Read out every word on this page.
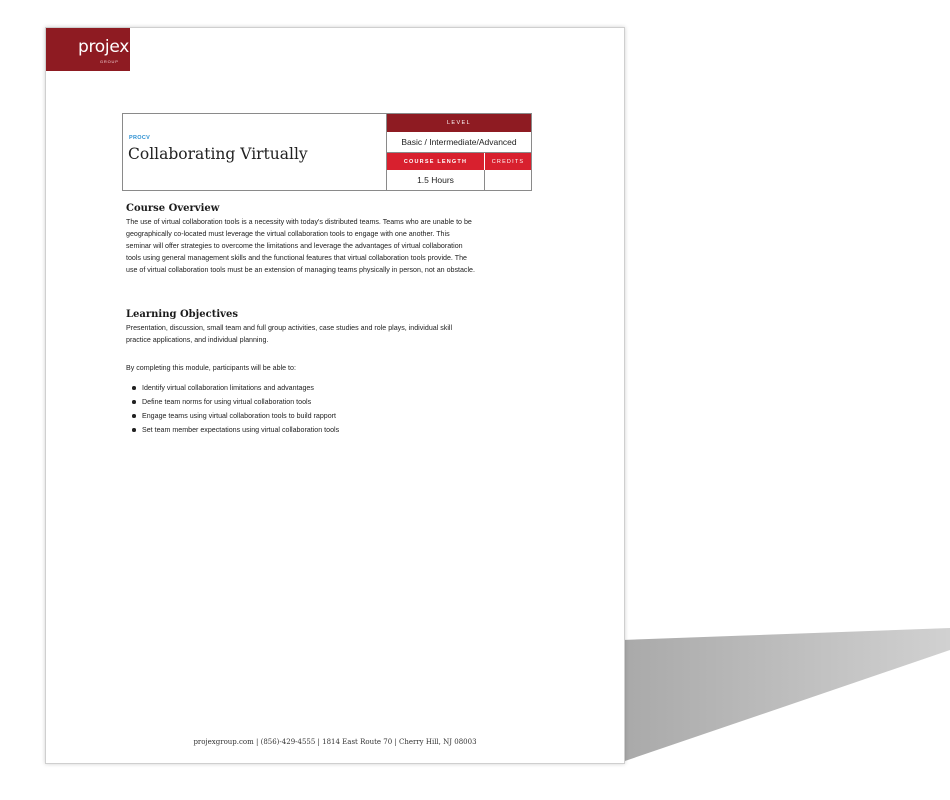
projex
GROUP
PROCV
Collaborating Virtually
LEVEL
Basic / Intermediate/Advanced
COURSE LENGTH	CREDITS
1.5 Hours
Course Overview
The use of virtual collaboration tools is a necessity with today's distributed teams. Teams who are unable to be
geographically co-located must leverage the virtual collaboration tools to engage with one another. This
seminar will offer strategies to overcome the limitations and leverage the advantages of virtual collaboration
tools using general management skills and the functional features that virtual collaboration tools provide. The
use of virtual collaboration tools must be an extension of managing teams physically in person, not an obstacle.
Learning Objectives
Presentation, discussion, small team and full group activities, case studies and role plays, individual skill
practice applications, and individual planning.
By completing this module, participants will be able to:
Identify virtual collaboration limitations and advantages
Define team norms for using virtual collaboration tools
Engage teams using virtual collaboration tools to build rapport
Set team member expectations using virtual collaboration tools
projexgroup.com | (856)-429-4555 | 1814 East Route 70 | Cherry Hill, NJ 08003
